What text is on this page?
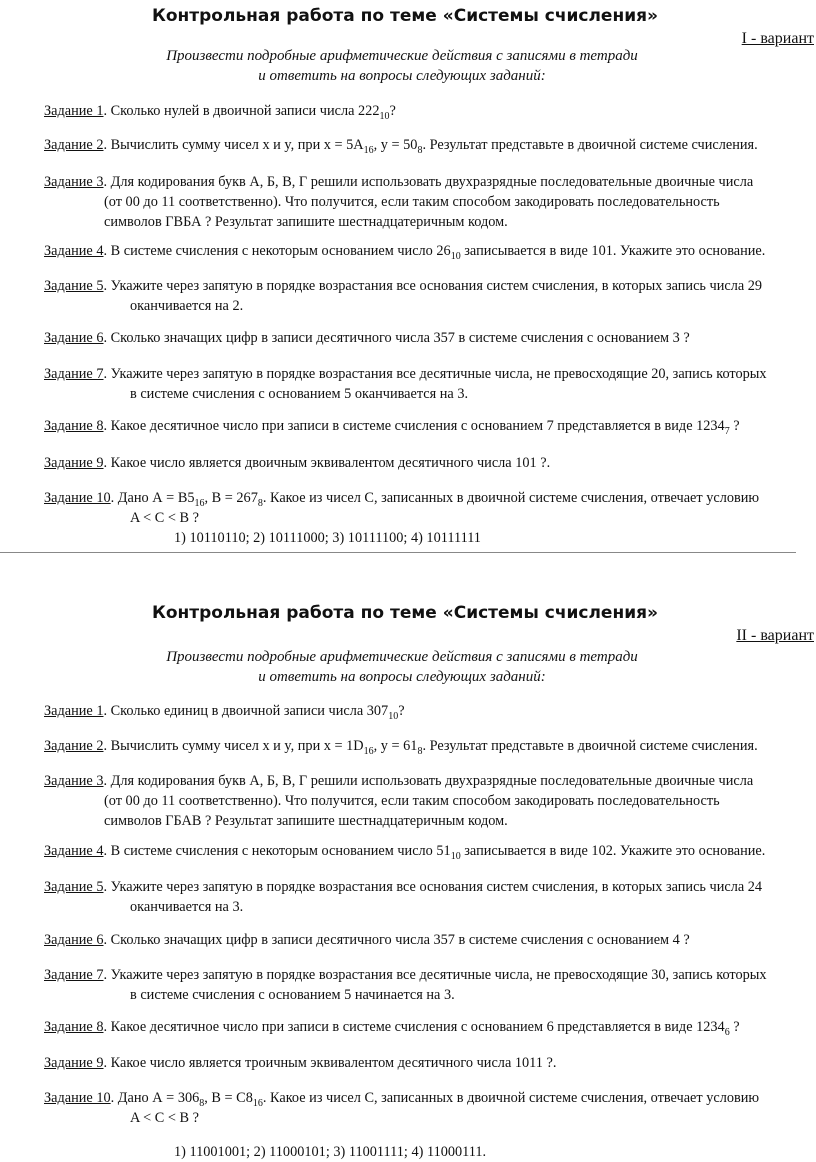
Контрольная работа по теме «Системы счисления»
I - вариант
Произвести подробные арифметические действия с записями в тетради
и ответить на вопросы следующих заданий:
Задание 1. Сколько нулей в двоичной записи числа $222_{10}$?
Задание 2. Вычислить сумму чисел x и y, при $x = 5A_{16}$, $y = 50_8$. Результат представьте в двоичной системе счисления.
Задание 3. Для кодирования букв А, Б, В, Г решили использовать двухразрядные последовательные двоичные числа
(от 00 до 11 соответственно). Что получится, если таким способом закодировать последовательность
символов ГВБА ? Результат запишите шестнадцатеричным кодом.
Задание 4. В системе счисления с некоторым основанием число $26_{10}$ записывается в виде 101. Укажите это основание.
Задание 5. Укажите через запятую в порядке возрастания все основания систем счисления, в которых запись числа 29
оканчивается на 2.
Задание 6. Сколько значащих цифр в записи десятичного числа 357 в системе счисления с основанием 3 ?
Задание 7. Укажите через запятую в порядке возрастания все десятичные числа, не превосходящие 20, запись которых
в системе счисления с основанием 5 оканчивается на 3.
Задание 8. Какое десятичное число при записи в системе счисления с основанием 7 представляется в виде $1234_7$ ?
Задание 9. Какое число является двоичным эквивалентом десятичного числа 101 ?.
Задание 10. Дано $А = B5_{16}$, $B = 267_8$. Какое из чисел C, записанных в двоичной системе счисления, отвечает условию
A < C < B ?
1) 10110110; 2) 10111000; 3) 10111100; 4) 10111111
Контрольная работа по теме «Системы счисления»
II - вариант
Произвести подробные арифметические действия с записями в тетради
и ответить на вопросы следующих заданий:
Задание 1. Сколько единиц в двоичной записи числа $307_{10}$?
Задание 2. Вычислить сумму чисел x и y, при $x = 1D_{16}$, $y = 61_8$. Результат представьте в двоичной системе счисления.
Задание 3. Для кодирования букв А, Б, В, Г решили использовать двухразрядные последовательные двоичные числа
(от 00 до 11 соответственно). Что получится, если таким способом закодировать последовательность
символов ГБАВ ? Результат запишите шестнадцатеричным кодом.
Задание 4. В системе счисления с некоторым основанием число $51_{10}$ записывается в виде 102. Укажите это основание.
Задание 5. Укажите через запятую в порядке возрастания все основания систем счисления, в которых запись числа 24
оканчивается на 3.
Задание 6. Сколько значащих цифр в записи десятичного числа 357 в системе счисления с основанием 4 ?
Задание 7. Укажите через запятую в порядке возрастания все десятичные числа, не превосходящие 30, запись которых
в системе счисления с основанием 5 начинается на 3.
Задание 8. Какое десятичное число при записи в системе счисления с основанием 6 представляется в виде $1234_6$ ?
Задание 9. Какое число является троичным эквивалентом десятичного числа 1011 ?.
Задание 10. Дано $А = 306_8$, $B = C8_{16}$. Какое из чисел C, записанных в двоичной системе счисления, отвечает условию
A < C < B ?
1) 11001001; 2) 11000101; 3) 11001111; 4) 11000111.
